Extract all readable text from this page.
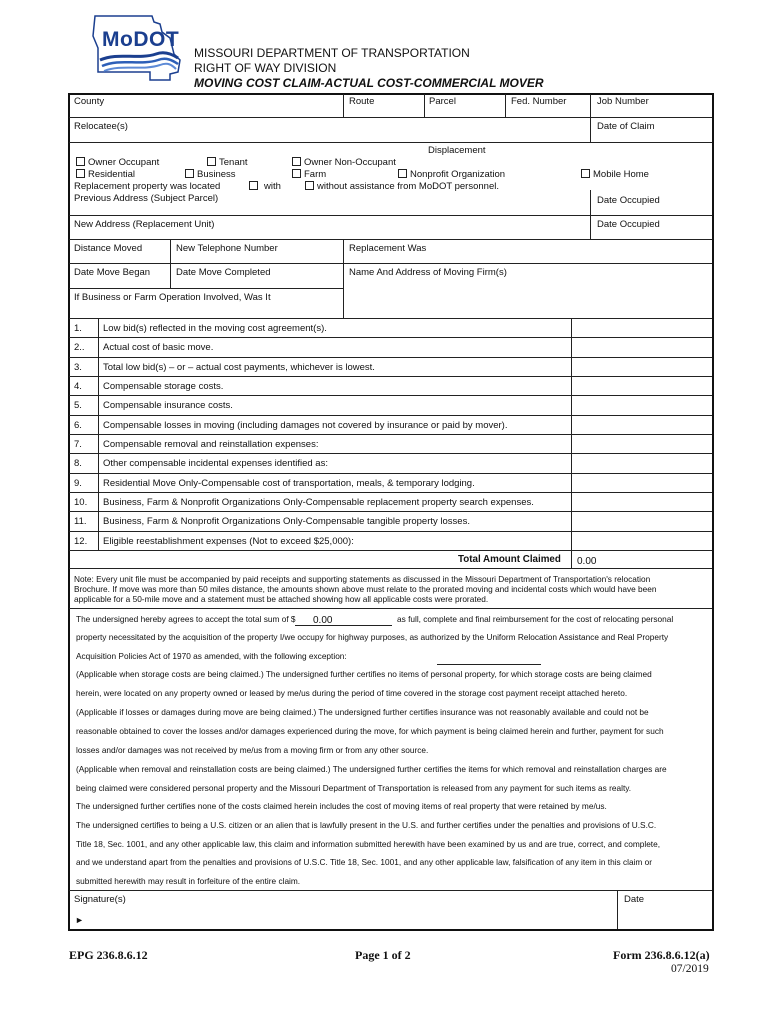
MoDOT
MISSOURI DEPARTMENT OF TRANSPORTATION
RIGHT OF WAY DIVISION
MOVING COST CLAIM-ACTUAL COST-COMMERCIAL MOVER
County	Route	Parcel	Fed. Number	Job Number
Relocatee(s)	Date of Claim
Displacement
Owner Occupant	Tenant	Owner Non-Occupant
Residential	Business	Farm	Nonprofit Organization	Mobile Home
Replacement property was located	with	without assistance from MoDOT personnel.
Previous Address (Subject Parcel)	Date Occupied
New Address (Replacement Unit)	Date Occupied
Distance Moved	New Telephone Number	Replacement Was
Date Move Began	Date Move Completed	Name And Address of Moving Firm(s)
If Business or Farm Operation Involved, Was It
1. Low bid(s) reflected in the moving cost agreement(s).
2.. Actual cost of basic move.
3. Total low bid(s) – or – actual cost payments, whichever is lowest.
4. Compensable storage costs.
5. Compensable insurance costs.
6. Compensable losses in moving (including damages not covered by insurance or paid by mover).
7. Compensable removal and reinstallation expenses:
8. Other compensable incidental expenses identified as:
9. Residential Move Only-Compensable cost of transportation, meals, & temporary lodging.
10. Business, Farm & Nonprofit Organizations Only-Compensable replacement property search expenses.
11. Business, Farm & Nonprofit Organizations Only-Compensable tangible property losses.
12. Eligible reestablishment expenses (Not to exceed $25,000):
Total Amount Claimed 0.00
Note: Every unit file must be accompanied by paid receipts and supporting statements as discussed in the Missouri Department of Transportation's relocation
Brochure. If move was more than 50 miles distance, the amounts shown above must relate to the prorated moving and incidental costs which would have been
applicable for a 50-mile move and a statement must be attached showing how all applicable costs were prorated.
The undersigned hereby agrees to accept the total sum of $ 0.00	as full, complete and final reimbursement for the cost of relocating personal
property necessitated by the acquisition of the property I/we occupy for highway purposes, as authorized by the Uniform Relocation Assistance and Real Property
Acquisition Policies Act of 1970 as amended, with the following exception:
(Applicable when storage costs are being claimed.) The undersigned further certifies no items of personal property, for which storage costs are being claimed
herein, were located on any property owned or leased by me/us during the period of time covered in the storage cost payment receipt attached hereto.
(Applicable if losses or damages during move are being claimed.) The undersigned further certifies insurance was not reasonably available and could not be
reasonable obtained to cover the losses and/or damages experienced during the move, for which payment is being claimed herein and further, payment for such
losses and/or damages was not received by me/us from a moving firm or from any other source.
(Applicable when removal and reinstallation costs are being claimed.) The undersigned further certifies the items for which removal and reinstallation charges are
being claimed were considered personal property and the Missouri Department of Transportation is released from any payment for such items as realty.
The undersigned further certifies none of the costs claimed herein includes the cost of moving items of real property that were retained by me/us.
The undersigned certifies to being a U.S. citizen or an alien that is lawfully present in the U.S. and further certifies under the penalties and provisions of U.S.C.
Title 18, Sec. 1001, and any other applicable law, this claim and information submitted herewith have been examined by us and are true, correct, and complete,
and we understand apart from the penalties and provisions of U.S.C. Title 18, Sec. 1001, and any other applicable law, falsification of any item in this claim or
submitted herewith may result in forfeiture of the entire claim.
Signature(s)
►
Date
EPG 236.8.6.12	Page 1 of 2	Form 236.8.6.12(a)
07/2019
